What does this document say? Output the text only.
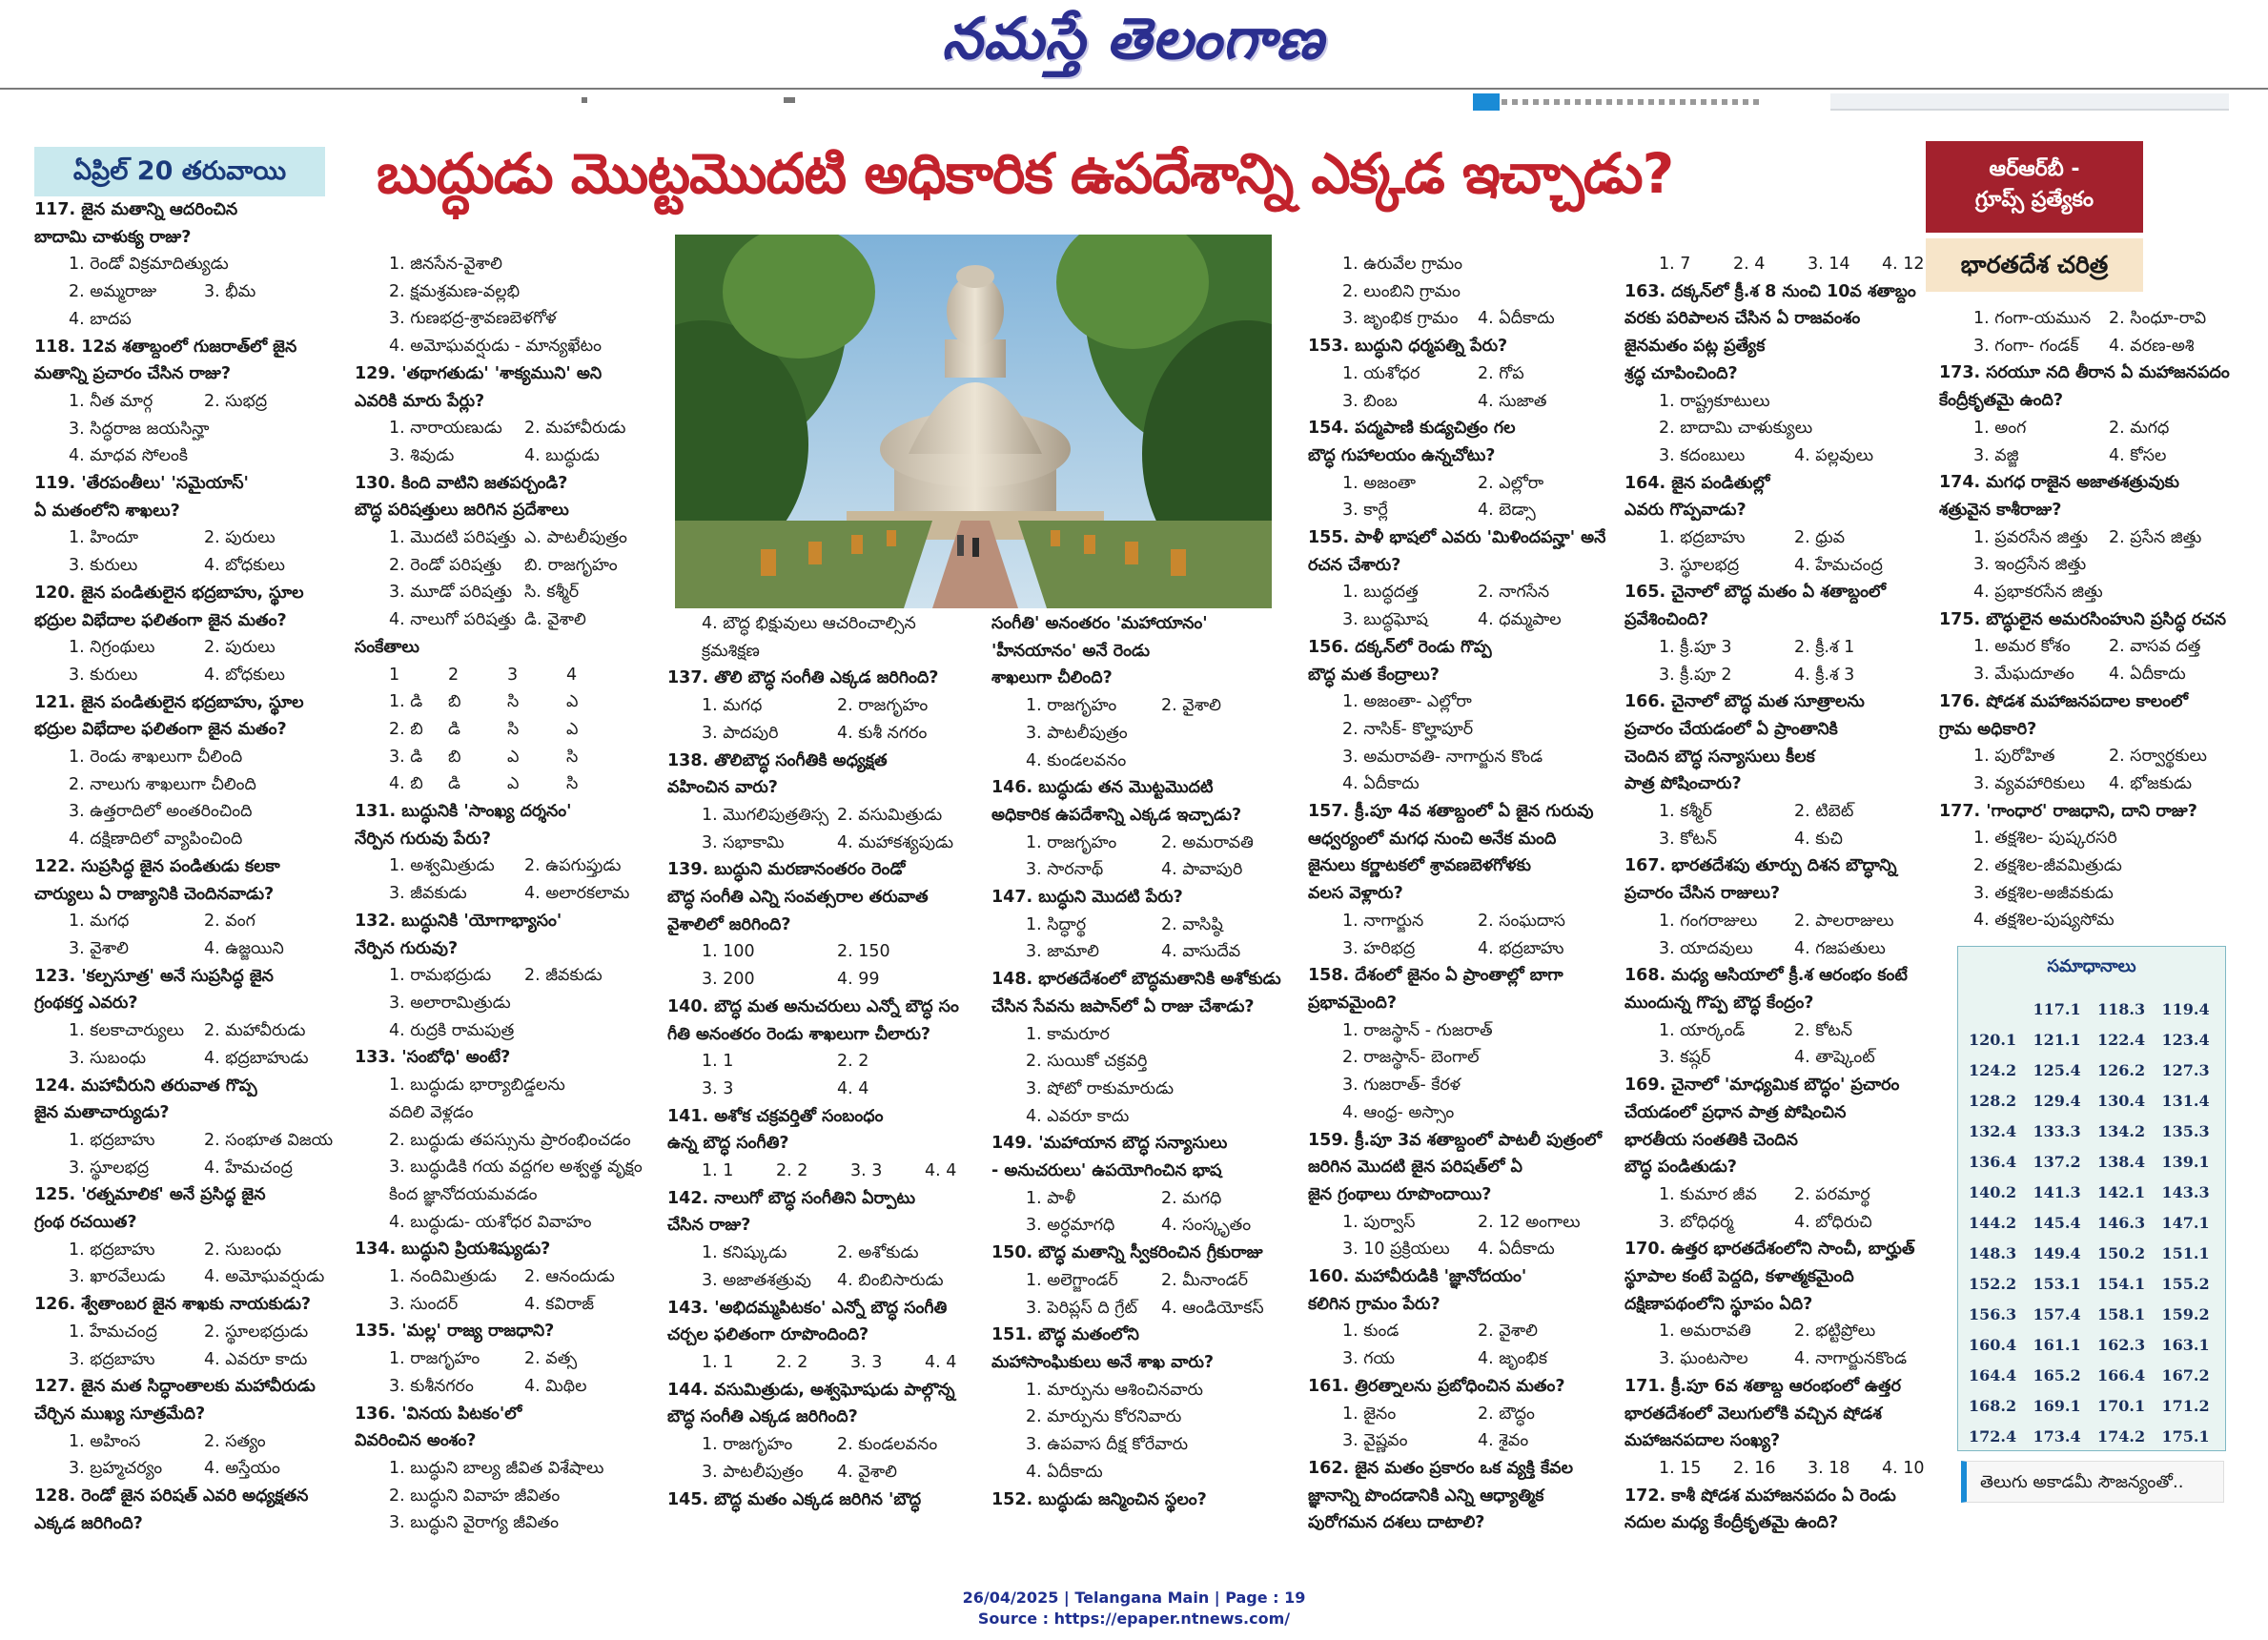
నమస్తే తెలంగాణ
ఏప్రిల్ 20 తరువాయి	బుద్ధుడు మొట్టమొదటి అధికారిక ఉపదేశాన్ని ఎక్కడ ఇచ్చాడు?	ఆర్ఆర్‌బీ -
గ్రూప్స్ ప్రత్యేకం
భారతదేశ చరిత్ర
117. జైన మతాన్ని ఆదరించిన
బాదామి చాళుక్య రాజు?
1. రెండో విక్రమాదిత్యుడు
2. అమ్మరాజు	3. భీమ
4. బాదప
118. 12వ శతాబ్దంలో గుజరాత్‌లో జైన
మతాన్ని ప్రచారం చేసిన రాజు?
1. నీత మార్గ	2. సుభద్ర
3. సిద్ధరాజ జయసిన్హా
4. మాధవ సోలంకి
119. 'తేరపంతీలు' 'సమైయాస్'
ఏ మతంలోని శాఖలు?
1. హిందూ	2. పురులు
3. కురులు	4. బోధకులు
120. జైన పండితులైన భద్రబాహు, స్థూల
భద్రుల విభేదాల ఫలితంగా జైన మతం?
1. నిగ్రంథులు	2. పురులు
3. కురులు	4. బోధకులు
121. జైన పండితులైన భద్రబాహు, స్థూల
భద్రుల విభేదాల ఫలితంగా జైన మతం?
1. రెండు శాఖలుగా చీలింది
2. నాలుగు శాఖలుగా చీలింది
3. ఉత్తరాదిలో అంతరించింది
4. దక్షిణాదిలో వ్యాపించింది
122. సుప్రసిద్ధ జైన పండితుడు కలకా
చార్యులు ఏ రాజ్యానికి చెందినవాడు?
1. మగధ	2. వంగ
3. వైశాలి	4. ఉజ్జయిని
123. 'కల్పసూత్ర' అనే సుప్రసిద్ధ జైన
గ్రంథకర్త ఎవరు?
1. కలకాచార్యులు 2. మహావీరుడు
3. సుబంధు	4. భద్రబాహుడు
124. మహావీరుని తరువాత గొప్ప
జైన మతాచార్యుడు?
1. భద్రబాహు	2. సంభూత విజయ
3. స్థూలభద్ర	4. హేమచంద్ర
125. 'రత్నమాలిక' అనే ప్రసిద్ధ జైన
గ్రంథ రచయిత?
1. భద్రబాహు	2. సుబంధు
3. ఖారవేలుడు 4. అమోఘవర్షుడు
126. శ్వేతాంబర జైన శాఖకు నాయకుడు?
1. హేమచంద్ర	2. స్థూలభద్రుడు
3. భద్రబాహు	4. ఎవరూ కాదు
127. జైన మత సిద్ధాంతాలకు మహావీరుడు
చేర్చిన ముఖ్య సూత్రమేది?
1. అహింస	2. సత్యం
3. బ్రహ్మచర్యం	4. అస్తేయం
128. రెండో జైన పరిషత్ ఎవరి అధ్యక్షతన
ఎక్కడ జరిగింది?
1. జినసేన-వైశాలి
2. క్షమశ్రమణ-వల్లభి
3. గుణభద్ర-శ్రావణబెళగోళ
4. అమోఘవర్షుడు - మాన్యఖేటం
129. 'తథాగతుడు' 'శాక్యముని' అని
ఎవరికి మారు పేర్లు?
1. నారాయణుడు 2. మహావీరుడు
3. శివుడు	4. బుద్ధుడు
130. కింది వాటిని జతపర్చండి?
బౌద్ధ పరిషత్తులు జరిగిన ప్రదేశాలు
1. మొదటి పరిషత్తు ఎ. పాటలీపుత్రం
2. రెండో పరిషత్తు బి. రాజగృహం
3. మూడో పరిషత్తు సి. కశ్మీర్
4. నాలుగో పరిషత్తు డి. వైశాలి
సంకేతాలు
1	2	3	4
1. డి బి	సి	ఎ
2. బి డి	సి	ఎ
3. డి బి	ఎ	సి
4. బి డి	ఎ	సి
131. బుద్ధునికి 'సాంఖ్య దర్శనం'
నేర్పిన గురువు పేరు?
1. అశ్వమిత్రుడు 2. ఉపగుప్తుడు
3. జీవకుడు	4. అలారకలామ
132. బుద్ధునికి 'యోగాభ్యాసం'
నేర్పిన గురువు?
1. రామభద్రుడు 2. జీవకుడు
3. అలారామిత్రుడు
4. రుద్రకి రామపుత్ర
133. 'సంబోధి' అంటే?
1. బుద్ధుడు భార్యాబిడ్డలను
వదిలి వెళ్లడం
2. బుద్ధుడు తపస్సును ప్రారంభించడం
3. బుద్ధుడికి గయ వద్దగల అశ్వత్థ వృక్షం
కింద జ్ఞానోదయమవడం
4. బుద్ధుడు- యశోధర వివాహం
134. బుద్ధుని ప్రియశిష్యుడు?
1. నందిమిత్రుడు 2. ఆనందుడు
3. సుందర్	4. కవిరాజ్
135. 'మల్ల' రాజ్య రాజధాని?
1. రాజగృహం	2. వత్స
3. కుశీనగరం	4. మిథిల
136. 'వినయ పిటకం'లో
వివరించిన అంశం?
1. బుద్ధుని బాల్య జీవిత విశేషాలు
2. బుద్ధుని వివాహ జీవితం
3. బుద్ధుని వైరాగ్య జీవితం
4. బౌద్ధ భిక్షువులు ఆచరించాల్సిన
క్రమశిక్షణ
137. తొలి బౌద్ధ సంగీతి ఎక్కడ జరిగింది?
1. మగధ	2. రాజగృహం
3. పాదపురి	4. కుశీ నగరం
138. తొలిబౌద్ధ సంగీతికి అధ్యక్షత
వహించిన వారు?
1. మొగలిపుత్రతిస్స 2. వసుమిత్రుడు
3. సభాకామి	4. మహాకశ్యపుడు
139. బుద్ధుని మరణానంతరం రెండో
బౌద్ధ సంగీతి ఎన్ని సంవత్సరాల తరువాత
వైశాలిలో జరిగింది?
1. 100	2. 150
3. 200	4. 99
140. బౌద్ధ మత అనుచరులు ఎన్నో బౌద్ధ సం
గీతి అనంతరం రెండు శాఖలుగా చీలారు?
1. 1	2. 2
3. 3	4. 4
141. అశోక చక్రవర్తితో సంబంధం
ఉన్న బౌద్ధ సంగీతి?
1. 1	2. 2	3. 3	4. 4
142. నాలుగో బౌద్ధ సంగీతిని ఏర్పాటు
చేసిన రాజు?
1. కనిష్కుడు	2. అశోకుడు
3. అజాతశత్రువు 4. బింబిసారుడు
143. 'అభిదమ్మపిటకం' ఎన్నో బౌద్ధ సంగీతి
చర్చల ఫలితంగా రూపొందింది?
1. 1	2. 2	3. 3	4. 4
144. వసుమిత్రుడు, అశ్వఘోషుడు పాల్గొన్న
బౌద్ధ సంగీతి ఎక్కడ జరిగింది?
1. రాజగృహం	2. కుండలవనం
3. పాటలీపుత్రం 4. వైశాలి
145. బౌద్ధ మతం ఎక్కడ జరిగిన 'బౌద్ధ
సంగీతి' అనంతరం 'మహాయానం'
'హీనయానం' అనే రెండు
శాఖలుగా చీలింది?
1. రాజగృహం	2. వైశాలి
3. పాటలీపుత్రం
4. కుండలవనం
146. బుద్ధుడు తన మొట్టమొదటి
అధికారిక ఉపదేశాన్ని ఎక్కడ ఇచ్చాడు?
1. రాజగృహం	2. అమరావతి
3. సారనాథ్	4. పావాపురి
147. బుద్ధుని మొదటి పేరు?
1. సిద్ధార్థ	2. వాసిష్ఠి
3. జామాలి	4. వాసుదేవ
148. భారతదేశంలో బౌద్ధమతానికి అశోకుడు
చేసిన సేవను జపాన్‌లో ఏ రాజు చేశాడు?
1. కామరూర
2. సుయికో చక్రవర్తి
3. షోటో రాకుమారుడు
4. ఎవరూ కాదు
149. 'మహాయాన బౌద్ధ సన్యాసులు
- అనుచరులు' ఉపయోగించిన భాష
1. పాళీ	2. మగధి
3. అర్ధమాగధి	4. సంస్కృతం
150. బౌద్ధ మతాన్ని స్వీకరించిన గ్రీకురాజు
1. అలెగ్జాండర్	2. మీనాండర్
3. పెరిప్లస్ ది గ్రేట్ 4. ఆండియోకస్
151. బౌద్ధ మతంలోని
మహాసాంఘికులు అనే శాఖ వారు?
1. మార్పును ఆశించినవారు
2. మార్పును కోరనివారు
3. ఉపవాస దీక్ష కోరేవారు
4. ఏదీకాదు
152. బుద్ధుడు జన్మించిన స్థలం?
1. ఉరువేల గ్రామం
2. లుంబిని గ్రామం
3. జృంభిక గ్రామం 4. ఏదీకాదు
153. బుద్ధుని ధర్మపత్ని పేరు?
1. యశోధర	2. గోప
3. బింబ	4. సుజాత
154. పద్మపాణి కుడ్యచిత్రం గల
బౌద్ధ గుహాలయం ఉన్నచోటు?
1. అజంతా	2. ఎల్లోరా
3. కార్లే	4. బెడ్సా
155. పాళీ భాషలో ఎవరు 'మిళిందపన్హా' అనే
రచన చేశారు?
1. బుద్ధదత్త	2. నాగసేన
3. బుద్ధఘోష	4. ధమ్మపాల
156. దక్కన్‌లో రెండు గొప్ప
బౌద్ధ మత కేంద్రాలు?
1. అజంతా- ఎల్లోరా
2. నాసిక్- కొల్హాపూర్
3. అమరావతి- నాగార్జున కొండ
4. ఏదీకాదు
157. క్రీ.పూ 4వ శతాబ్దంలో ఏ జైన గురువు
ఆధ్వర్యంలో మగధ నుంచి అనేక మంది
జైనులు కర్ణాటకలో శ్రావణబెళగోళకు
వలస వెళ్లారు?
1. నాగార్జున	2. సంఘదాస
3. హరిభద్ర	4. భద్రబాహు
158. దేశంలో జైనం ఏ ప్రాంతాల్లో బాగా
ప్రభావమైంది?
1. రాజస్థాన్ - గుజరాత్
2. రాజస్థాన్- బెంగాల్
3. గుజరాత్- కేరళ
4. ఆంధ్ర- అస్సాం
159. క్రీ.పూ 3వ శతాబ్దంలో పాటలీ పుత్రంలో
జరిగిన మొదటి జైన పరిషత్‌లో ఏ
జైన గ్రంథాలు రూపొందాయి?
1. పుర్వాస్	2. 12 అంగాలు
3. 10 ప్రక్రియలు 4. ఏదీకాదు
160. మహావీరుడికి 'జ్ఞానోదయం'
కలిగిన గ్రామం పేరు?
1. కుండ	2. వైశాలి
3. గయ	4. జృంభిక
161. త్రిరత్నాలను ప్రబోధించిన మతం?
1. జైనం	2. బౌద్ధం
3. వైష్ణవం	4. శైవం
162. జైన మతం ప్రకారం ఒక వ్యక్తి కేవల
జ్ఞానాన్ని పొందడానికి ఎన్ని ఆధ్యాత్మిక
పురోగమన దశలు దాటాలి?
1. 7	2. 4	3. 14 4. 12
163. దక్కన్‌లో క్రీ.శ 8 నుంచి 10వ శతాబ్దం
వరకు పరిపాలన చేసిన ఏ రాజవంశం
జైనమతం పట్ల ప్రత్యేక
శ్రద్ధ చూపించింది?
1. రాష్ట్రకూటులు
2. బాదామి చాళుక్యులు
3. కదంబులు	4. పల్లవులు
164. జైన పండితుల్లో
ఎవరు గొప్పవాడు?
1. భద్రబాహు	2. ధ్రువ
3. స్థూలభద్ర	4. హేమచంద్ర
165. చైనాలో బౌద్ధ మతం ఏ శతాబ్దంలో
ప్రవేశించింది?
1. క్రీ.పూ 3	2. క్రీ.శ 1
3. క్రీ.పూ 2	4. క్రీ.శ 3
166. చైనాలో బౌద్ధ మత సూత్రాలను
ప్రచారం చేయడంలో ఏ ప్రాంతానికి
చెందిన బౌద్ధ సన్యాసులు కీలక
పాత్ర పోషించారు?
1. కశ్మీర్	2. టిబెట్
3. కోటన్	4. కుచి
167. భారతదేశపు తూర్పు దిశన బౌద్ధాన్ని
ప్రచారం చేసిన రాజులు?
1. గంగరాజులు 2. పాలరాజులు
3. యాదవులు 4. గజపతులు
168. మధ్య ఆసియాలో క్రీ.శ ఆరంభం కంటే
ముందున్న గొప్ప బౌద్ధ కేంద్రం?
1. యార్కండ్	2. కోటన్
3. కష్గర్	4. తాష్కెంట్
169. చైనాలో 'మాధ్యమిక బౌద్ధం' ప్రచారం
చేయడంలో ప్రధాన పాత్ర పోషించిన
భారతీయ సంతతికి చెందిన
బౌద్ధ పండితుడు?
1. కుమార జీవ 2. పరమార్థ
3. బోధిధర్మ	4. బోధిరుచి
170. ఉత్తర భారతదేశంలోని సాంచీ, బార్హుత్
స్థూపాల కంటే పెద్దది, కళాత్మకమైంది
దక్షిణాపథంలోని స్థూపం ఏది?
1. అమరావతి	2. భట్టిప్రోలు
3. ఘంటసాల	4. నాగార్జునకొండ
171. క్రీ.పూ 6వ శతాబ్ద ఆరంభంలో ఉత్తర
భారతదేశంలో వెలుగులోకి వచ్చిన షోడశ
మహాజనపదాల సంఖ్య?
1. 15 2. 16 3. 18 4. 10
172. కాశీ షోడశ మహాజనపదం ఏ రెండు
నదుల మధ్య కేంద్రీకృతమై ఉంది?
1. గంగా-యమున 2. సింధూ-రావి
3. గంగా- గండక్ 4. వరణ-అశి
173. సరయూ నది తీరాన ఏ మహాజనపదం
కేంద్రీకృతమై ఉంది?
1. అంగ	2. మగధ
3. వజ్జి	4. కోసల
174. మగధ రాజైన అజాతశత్రువుకు
శత్రువైన కాశీరాజు?
1. ప్రవరసేన జిత్తు 2. ప్రసేన జిత్తు
3. ఇంద్రసేన జిత్తు
4. ప్రభాకరసేన జిత్తు
175. బౌద్ధులైన అమరసింహుని ప్రసిద్ధ రచన
1. అమర కోశం 2. వాసవ దత్త
3. మేఘదూతం 4. ఏదీకాదు
176. షోడశ మహాజనపదాల కాలంలో
గ్రామ అధికారి?
1. పురోహిత	2. సర్వార్థకులు
3. వ్యవహారికులు 4. భోజకుడు
177. 'గాంధార' రాజధాని, దాని రాజు?
1. తక్షశిల- పుష్కరసరి
2. తక్షశిల-జీవమిత్రుడు
3. తక్షశిల-అజీవకుడు
4. తక్షశిల-పుష్యసోమ
సమాధానాలు
	117.1	118.3	119.4
120.1	121.1	122.4	123.4
124.2	125.4	126.2	127.3
128.2	129.4	130.4	131.4
132.4	133.3	134.2	135.3
136.4	137.2	138.4	139.1
140.2	141.3	142.1	143.3
144.2	145.4	146.3	147.1
148.3	149.4	150.2	151.1
152.2	153.1	154.1	155.2
156.3	157.4	158.1	159.2
160.4	161.1	162.3	163.1
164.4	165.2	166.4	167.2
168.2	169.1	170.1	171.2
172.4	173.4	174.2	175.1

తెలుగు అకాడమీ సౌజన్యంతో..
26/04/2025 | Telangana Main | Page : 19
Source : https://epaper.ntnews.com/
